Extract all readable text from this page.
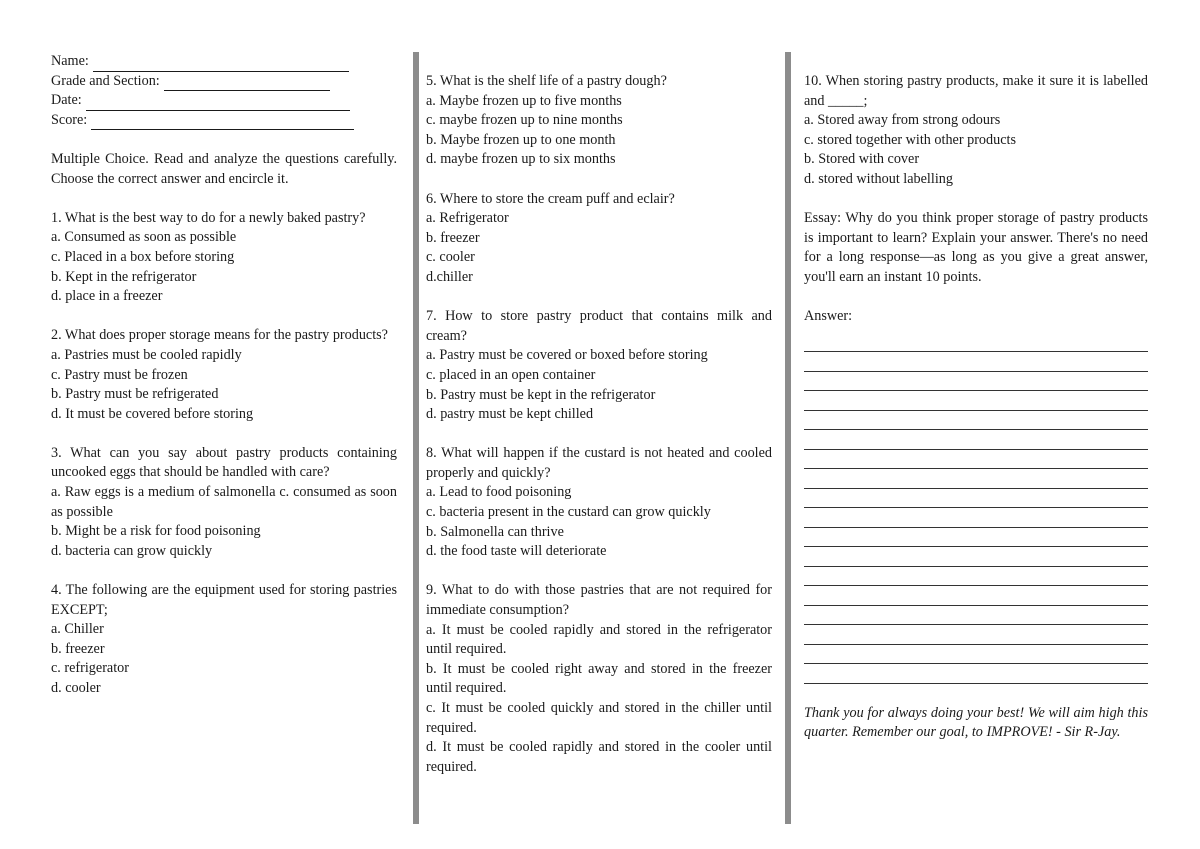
Name:
Grade and Section:
Date:
Score:

Multiple Choice. Read and analyze the questions carefully. Choose the correct answer and encircle it.

1. What is the best way to do for a newly baked pastry?

a. Consumed as soon as possible

c. Placed in a box before storing

b. Kept in the refrigerator

d. place in a freezer

2. What does proper storage means for the pastry products?

a. Pastries must be cooled rapidly

c. Pastry must be frozen

b. Pastry must be refrigerated

d. It must be covered before storing

3. What can you say about pastry products containing uncooked eggs that should be handled with care?

a. Raw eggs is a medium of salmonella c. consumed as soon as possible

b. Might be a risk for food poisoning

d. bacteria can grow quickly

4. The following are the equipment used for storing pastries EXCEPT;

a. Chiller

b. freezer

c. refrigerator

d. cooler

5. What is the shelf life of a pastry dough?

a. Maybe frozen up to five months

c. maybe frozen up to nine months

b. Maybe frozen up to one month

d. maybe frozen up to six months

6. Where to store the cream puff and eclair?

a. Refrigerator

b. freezer

c. cooler

d.chiller

7. How to store pastry product that contains milk and cream?

a. Pastry must be covered or boxed before storing

c. placed in an open container

b. Pastry must be kept in the refrigerator

d. pastry must be kept chilled

8. What will happen if the custard is not heated and cooled properly and quickly?

a. Lead to food poisoning

c. bacteria present in the custard can grow quickly

b. Salmonella can thrive

d. the food taste will deteriorate

9. What to do with those pastries that are not required for immediate consumption?

a. It must be cooled rapidly and stored in the refrigerator until required.

b. It must be cooled right away and stored in the freezer until required.

c. It must be cooled quickly and stored in the chiller until required.

d. It must be cooled rapidly and stored in the cooler until required.

10. When storing pastry products, make it sure it is labelled and _____;

a. Stored away from strong odours

c. stored together with other products

b. Stored with cover

d. stored without labelling

Essay: Why do you think proper storage of pastry products is important to learn? Explain your answer. There's no need for a long response—as long as you give a great answer, you'll earn an instant 10 points.

Answer:

Thank you for always doing your best! We will aim high this quarter. Remember our goal, to IMPROVE! - Sir R-Jay.
